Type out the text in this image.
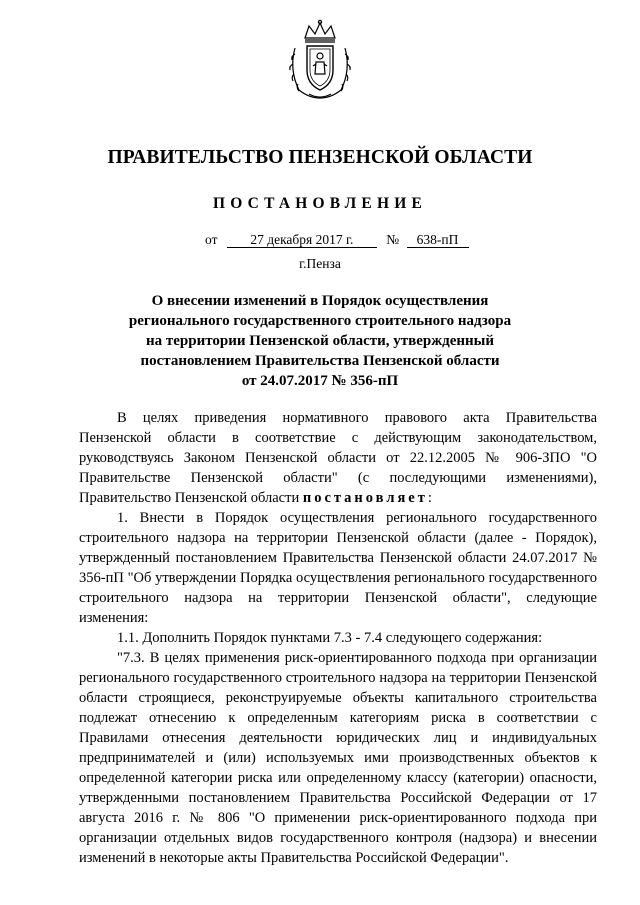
ПРАВИТЕЛЬСТВО ПЕНЗЕНСКОЙ ОБЛАСТИ
ПОСТАНОВЛЕНИЕ
от 27 декабря 2017 г. № 638-пП
г.Пенза
О внесении изменений в Порядок осуществления
регионального государственного строительного надзора
на территории Пензенской области, утвержденный
постановлением Правительства Пензенской области
от 24.07.2017 № 356-пП

В целях приведения нормативного правового акта Правительства Пензенской области в соответствие с действующим законодательством, руководствуясь Законом Пензенской области от 22.12.2005 № 906-ЗПО "О Правительстве Пензенской области" (с последующими изменениями), Правительство Пензенской области постановляет:

1. Внести в Порядок осуществления регионального государственного строительного надзора на территории Пензенской области (далее - Порядок), утвержденный постановлением Правительства Пензенской области 24.07.2017 № 356-пП "Об утверждении Порядка осуществления регионального государственного строительного надзора на территории Пензенской области", следующие изменения:

1.1. Дополнить Порядок пунктами 7.3 - 7.4 следующего содержания:

"7.3. В целях применения риск-ориентированного подхода при организации регионального государственного строительного надзора на территории Пензенской области строящиеся, реконструируемые объекты капитального строительства подлежат отнесению к определенным категориям риска в соответствии с Правилами отнесения деятельности юридических лиц и индивидуальных предпринимателей и (или) используемых ими производственных объектов к определенной категории риска или определенному классу (категории) опасности, утвержденными постановлением Правительства Российской Федерации от 17 августа 2016 г. № 806 "О применении риск-ориентированного подхода при организации отдельных видов государственного контроля (надзора) и внесении изменений в некоторые акты Правительства Российской Федерации".
